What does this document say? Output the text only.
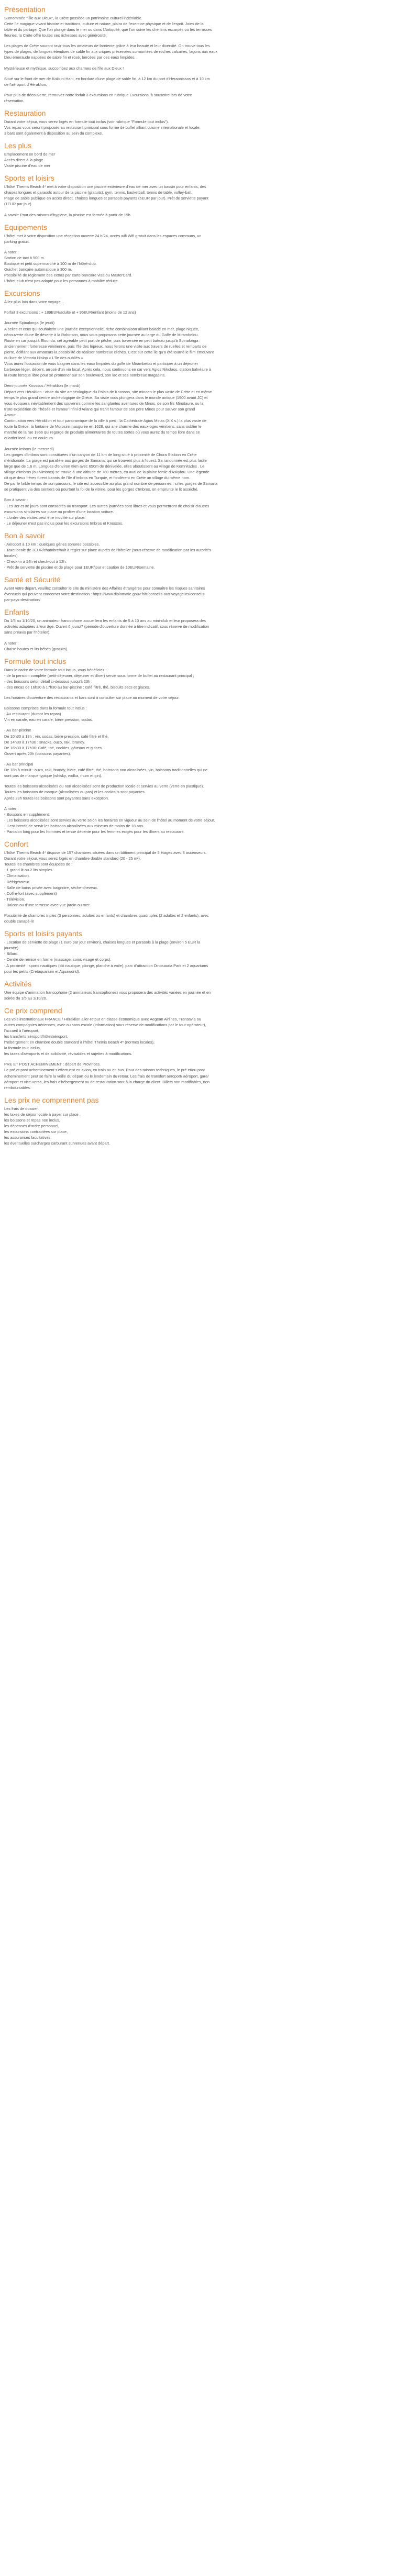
Présentation

Surnommée "l'Île aux Dieux", la Crète possède un patrimoine culturel indéniable.
Cette île magique vivant histoire et traditions, culture et nature, plaira de l'exercice physique et de l'esprit. Joies de la
table et du partage. Que l'on plonge dans le mer ou dans l'Antiquité, que l'on suive les chemins escarpés ou les terrasses
fleuries, la Crète offre toutes ses richesses avec générosité.

Les plages de Crète sauront ravir tous les amateurs de farniente grâce à leur beauté et leur diversité. On trouve tous les
types de plages, de longues étendues de sable fin aux criques préservées surmontées de roches calcaires, lagons aux eaux
bleu émeraude nappées de sable fin et rosé, bercées par des eaux limpides.

Mystérieuse et mythique, succombez aux charmes de l'île aux Dieux !

Situé sur le front de mer de Kokkini Hani, en bordure d'une plage de sable fin, à 12 km du port d'Heraonissos et à 10 km
de l'aéroport d'Héraklion.

Pour plus de découverte, retrouvez notre forfait 3 excursions en rubrique Excursions, à souscrire lors de votre
réservation.

Restauration

Durant votre séjour, vous serez logés en formule tout inclus (voir rubrique "Formule tout inclus").
Vos repas vous seront proposés au restaurant principal sous forme de buffet alliant cuisine internationale et locale.
3 bars sont également à disposition au sein du complexe.

Les plus

Emplacement en bord de mer
Accès direct à la plage
Vaste piscine d'eau de mer

Sports et loisirs

L'hôtel Themis Beach 4* met à votre disposition une piscine extérieure d'eau de mer avec un bassin pour enfants, des
chaises longues et parasols autour de la piscine (gratuits), gym, tennis, basketball, tennis de table, volley-ball.
Plage de sable publique en accès direct, chaises longues et parasols payants (5EUR par jour). Prêt de serviette payant
(1EUR par jour).

A savoir: Pour des raisons d'hygiène, la piscine est fermée à partir de 19h.

Equipements

L'hôtel met à votre disposition une réception ouverte 24 h/24, accès wifi Wifi gratuit dans les espaces communs, un
parking gratuit.

A noter :
Station de taxi à 500 m.
Boutique et petit supermarché à 100 m de l'hôtel-club.
Guichet bancaire automatique à 300 m.
Possibilité de règlement des extras par carte bancaire visa ou MasterCard.
L'hôtel-club n'est pas adapté pour les personnes à mobilité réduite.

Excursions

Allez plus loin dans votre voyage...

Forfait 3 excursions : + 189EUR/adulte et + 95EUR/enfant (moins de 12 ans)

Journée Spinalonga (le jeudi)
A celles et ceux qui souhaitent une journée exceptionnelle, riche combinaison alliant balade en mer, plage niquée,
découverte d'une île déserte à la Robinson, nous vous proposons cette journée au large du Golfe de Mirambelou.
Route en car jusqu'à Elounda, cet agréable petit port de pêche, puis traversée en petit bateau jusqu'à Spinalonga :
anciennement forteresse vénitienne, puis l'île des lépreux, nous ferons une visite aux travers de ruelles et remparts de
pierre, édifiant aux amateurs la possibilité de réaliser nombreux clichés. C'est sur cette île qu'a été tourné le film émouvant
du livre de Victoria Hislop « L'île des oubliés »
Vous aurez l'occasion de vous baigner dans les eaux limpides du golfe de Mirambelou et participer à un déjeuner
barbecue léger, décent, arrosé d'un vin local. Après cela, nous continuons en car vers Agios Nikolaos, station balnéaire à
la route lorsque libre pour se promener sur son boulevard, son lac et ses nombreux magasins.

Demi-journée Knossos / Héraklion (le mardi)
Départ vers Héraklion : visite du site archéologique du Palais de Knossos, site minoen le plus vaste de Crète et en même
temps le plus grand centre archéologique de Grèce. Sa visite vous plongera dans le monde antique (1900 avant JC) et
vous évoquera inévitablement des souvenirs comme les sanglantes aventures de Minos, de son fils Minotaure, ou la
triste expédition de Thésée et l'amour infini d'Ariane qui trahit l'amour de son père Minos pour sauver son grand
Amour...
Continuation vers Héraklion et tour panoramique de la ville à pied : la Cathédrale Agios Minas (XIX s.) la plus vaste de
toute la Grèce, la fontaine de Morosini inaugurée en 1628, qui a le charme des eaux-oges vénitiens, sans oublier le
marché de la rue 1866 qui regorge de produits alimentaires de toutes sortes où vous aurez du temps libre dans ce
quartier local ou en couleurs.

Journée Imbros (le mercredi)
Les gorges d'Imbros sont constituées d'un canyon de 11 km de long situé à proximité de Chora Sfakion en Crète
méridionale. La gorge est parallèle aux gorges de Samaria, qui se trouvent plus à l'ouest. Sa randonnée est plus facile
large que de 1.6 m. Longues d'environ 8km avec 650m de dénivelée, elles aboutissent au village de Komnitades . Le
village d'Imbros (ou Nimbros) se trouve à une altitude de 780 mètres, en aval de la plaine fertile d'Askyfou. Une légende
dit que deux frères furent bannis de l'île d'Imbros en Turquie, et fondèrent en Crète un village du même nom.
De par le faible temps de son parcours, le site est accessible au plus grand nombre de personnes : si les gorges de Samaria
se pratiquent via des sentiers où pourtant la foi de la vitrine, pour les gorges d'Imbros, on emprunte le lit asséché.

Bon à savoir :
- Les 3er et 8e jours sont consacrés au transport. Les autres journées sont libres et vous permettront de choisir d'autres
excursions similaires sur place ou profiter d'une location voiture.
- L'ordre des visites peut être modifié sur place.
- Le déjeuner n'est pas inclus pour les excursions Imbros et Knossos.

Bon à savoir

- Aéroport à 10 km : quelques gênes sonores possibles.
- Taxe locale de 3EUR/chambre/nuit à régler sur place auprès de l'hôtelier (sous réserve de modification par les autorités
locales).
- Check-in à 14h et check-out à 12h.
- Prêt de serviette de piscine et de plage pour 1EUR/jour et caution de 10EUR/semaine.

Santé et Sécurité

Avant votre départ, veuillez consulter le site du ministère des Affaires étrangères pour connaître les risques sanitaires
éventuels qui peuvent concerner votre destination : https://www.diplomatie.gouv.fr/fr/conseils-aux-voyageurs/conseils-
par-pays-destination/

Enfants

Du 1/5 au 1/10/20, un animateur francophone accueillera les enfants de 5 à 10 ans au mini-club et leur proposera des
activités adaptées à leur âge. Ouvert 6 jours/7 (période d'ouverture donnée à titre indicatif, sous réserve de modification
sans préavis par l'hôtelier).

A noter :
Chaise hautes et lits bébés (gratuits).

Formule tout inclus

Dans le cadre de votre formule tout inclus, vous bénéficiez :
- de la pension complète (petit-déjeuner, déjeuner et dîner) servie sous forme de buffet au restaurant principal ;
- des boissons selon détail ci-dessous jusqu'à 23h ;
- des encas de 16h30 à 17h30 au bar-piscine : café filtré, thé, biscuits secs et glaces.

Les horaires d'ouverture des restaurants et bars sont à consulter sur place au moment de votre séjour.

Boissons comprises dans la formule tout inclus :
- Au restaurant (durant les repas)
Vin en carafe, eau en carafe, bière pression, sodas.

- Au bar-piscine
De 10h30 à 18h : vin, sodas, bière pression, café filtré et thé.
De 14h30 à 17h30 : snacks, ouzo, raki, brandy.
De 16h30 à 17h30: Café, thé, cookies, gâteaux et glaces.
Ouvert après 20h (boissons payantes).

- Au bar principal
De 18h à minuit : ouzo, raki, brandy, bière, café filtré, thé, boissons non alcoolisées, vin, boissons traditionnelles qui ne
sont pas de marque typique (whisky, vodka, rhum et gin).

Toutes les boissons alcoolisées ou non alcoolisées sont de production locale et servies au verre (verre en plastique).
Toutes les boissons de marque (alcoolisées ou pas) et les cocktails sont payantes.
Après 23h toutes les boissons sont payantes sans exception.

A noter :
- Boissons en supplément.
- Les boissons alcoolisées sont servies au verre selon les horaires en vigueur au sein de l'hôtel au moment de votre séjour.
- Il est interdit de servir les boissons alcoolisées aux mineurs de moins de 18 ans.
- Pantalon long pour les hommes et tenue décente pour les femmes exigés pour les dîners au restaurant.

Confort

L'hôtel Themis Beach 4* dispose de 157 chambres situées dans un bâtiment principal de 5 étages avec 3 ascenseurs.
Durant votre séjour, vous serez logés en chambre double standard (20 - 25 m²).
Toutes les chambres sont équipées de :
- 1 grand lit ou 2 lits simples.
- Climatisation.
- Réfrigérateur.
- Salle de bains privée avec baignoire, sèche-cheveux.
- Coffre-fort (avec supplément)
- Télévision.
- Balcon ou d'une terrasse avec vue jardin ou mer.

Possibilité de chambres triples (3 personnes, adultes ou enfants) et chambres quadruples (2 adultes et 2 enfants), avec
double canapé-lit

Sports et loisirs payants

- Location de serviette de plage (1 euro par jour environ), chaises longues et parasols à la plage (environ 5 EUR la
journée).
- Billard.
- Centre de remise en forme (massage, soins visage et corps).
- A proximité : sports nautiques (ski nautique, plongé, planche à voile), parc d'attraction Dinosauria Park et 2 aquariums
pour les petits (Cretaquarium et Aquaworld).

Activités

Une équipe d'animation francophone (2 animateurs francophones) vous proposera des activités variées en journée et en
soirée du 1/5 au 1/10/20.

Ce prix comprend

Les vols internationaux FRANCE / Héraklion aller-retour en classe économique avec Aegean Airlines, Transavia ou
autres compagnies aériennes, avec ou sans escale (information) sous réserve de modifications par le tour-opérateur),
l'accueil à l'aéroport,
les transferts aéroport/hôtel/aéroport,
l'hébergement en chambre double standard à l'hôtel Themis Beach 4* (normes locales),
la formule tout inclus,
les taxes d'aéroports et de solidarité, révisables et sujettes à modifications.

PRE ET POST ACHEMINEMENT : départ de Provinces.
Le pré et post acheminement s'effectuent en avion, en train ou en bus. Pour des raisons techniques, le pré et/ou post
acheminement peut se faire la veille du départ ou le lendemain du retour. Les frais de transfert aéroport/ aéroport, gare/
aéroport et vice-versa, les frais d'hébergement ou de restauration sont à la charge du client. Billets non modifiables, non
remboursables.

Les prix ne comprennent pas

Les frais de dossier,
les taxes de séjour locale à payer sur place ,
les boissons et repas non inclus,
les dépenses d'ordre personnel,
les excursions contractées sur place,
les assurances facultatives,
les éventuelles surcharges carburant survenues avant départ.
